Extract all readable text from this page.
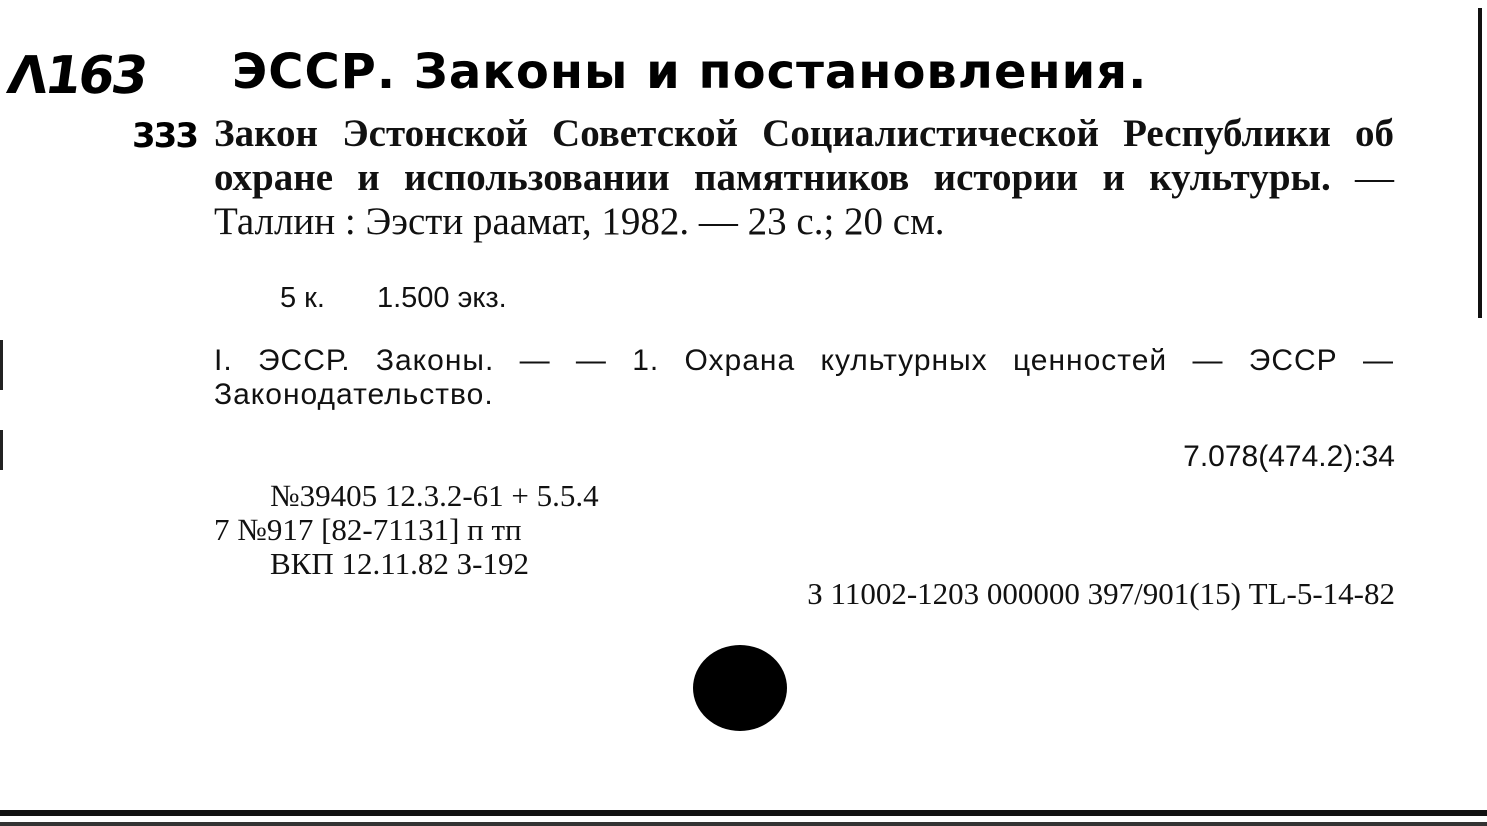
Λ163 ЭССР. Законы и постановления.
333 Закон Эстонской Советской Социалистической Республики об охране и использовании памятников истории и культуры. — Таллин : Ээсти раамат, 1982. — 23 с.; 20 см.
5 к. 1.500 экз.
I. ЭССР. Законы. — — 1. Охрана культурных ценностей — ЭССР — Законодательство.
7.078(474.2):34
№39405 12.3.2-61 + 5.5.4
7 №917 [82-71131] п тп
ВКП 12.11.82 З-192
З 11002-1203 000000 397/901(15) TL-5-14-82
